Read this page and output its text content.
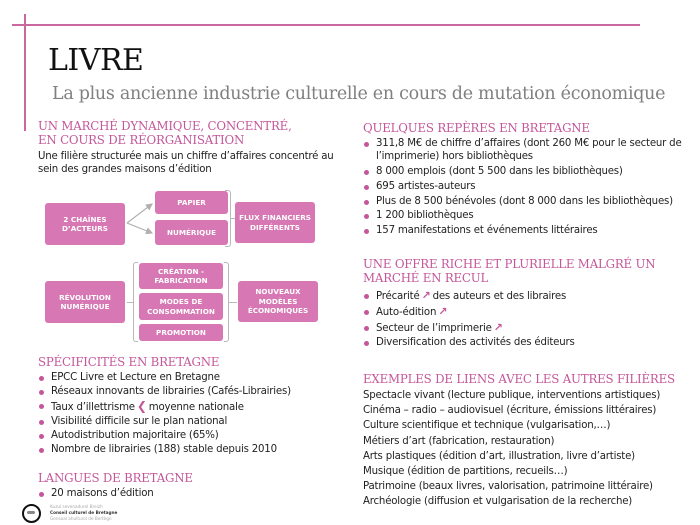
LIVRE
La plus ancienne industrie culturelle en cours de mutation économique
UN MARCHÉ DYNAMIQUE, CONCENTRÉ,
EN COURS DE RÉORGANISATION
Une filière structurée mais un chiffre d’affaires concentré au sein des grandes maisons d’édition
2 CHAÎNES D’ACTEURS
PAPIER
NUMÉRIQUE
FLUX FINANCIERS DIFFÉRENTS
RÉVOLUTION NUMÉRIQUE
CRÉATION - FABRICATION
MODES DE CONSOMMATION
PROMOTION
NOUVEAUX MODÈLES ÉCONOMIQUES
SPÉCIFICITÉS EN BRETAGNE
EPCC Livre et Lecture en Bretagne
Réseaux innovants de librairies (Cafés-Librairies)
Taux d’illettrisme ❮ moyenne nationale
Visibilité difficile sur le plan national
Autodistribution majoritaire (65%)
Nombre de librairies (188) stable depuis 2010
LANGUES DE BRETAGNE
20 maisons d’édition
Kuzul sevenadurel Breizh
Conseil culturel de Bretagne
Gensoal ahulturol de Bertègn
QUELQUES REPÈRES EN BRETAGNE
311,8 M€ de chiffre d’affaires (dont 260 M€ pour le secteur de l’imprimerie) hors bibliothèques
8 000 emplois (dont 5 500 dans les bibliothèques)
695 artistes-auteurs
Plus de 8 500 bénévoles (dont 8 000 dans les bibliothèques)
1 200 bibliothèques
157 manifestations et événements littéraires
UNE OFFRE RICHE ET PLURIELLE MALGRÉ UN
MARCHÉ EN RECUL
Précarité ↗ des auteurs et des libraires
Auto-édition ↗
Secteur de l’imprimerie ↗
Diversification des activités des éditeurs
EXEMPLES DE LIENS AVEC LES AUTRES FILIÈRES
Spectacle vivant (lecture publique, interventions artistiques)
Cinéma – radio – audiovisuel (écriture, émissions littéraires)
Culture scientifique et technique (vulgarisation,…)
Métiers d’art (fabrication, restauration)
Arts plastiques (édition d’art, illustration, livre d’artiste)
Musique (édition de partitions, recueils…)
Patrimoine (beaux livres, valorisation, patrimoine littéraire)
Archéologie (diffusion et vulgarisation de la recherche)
